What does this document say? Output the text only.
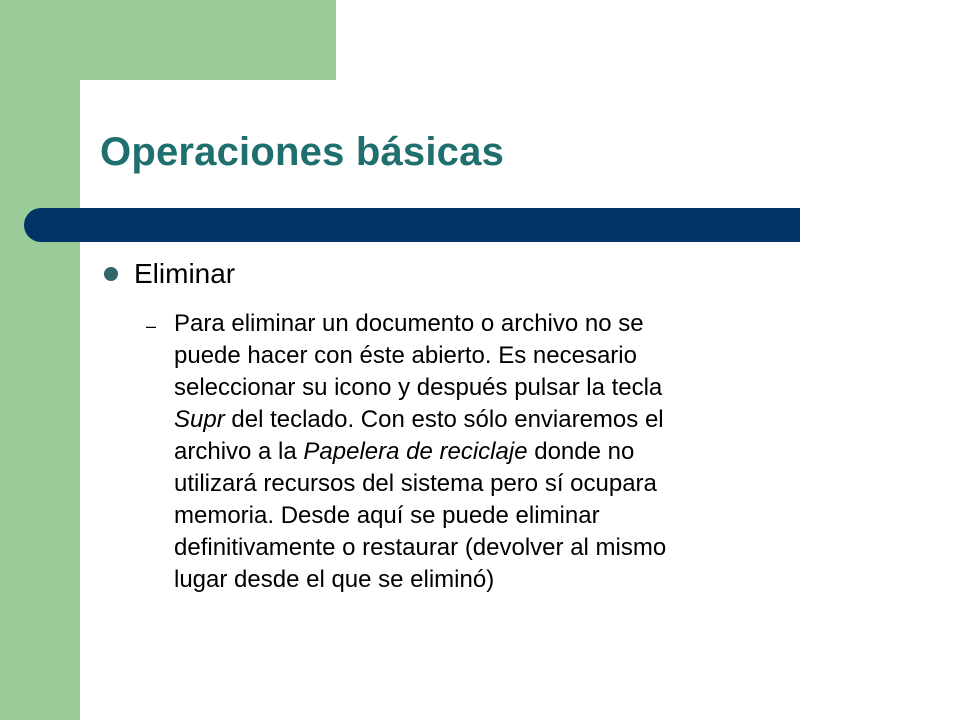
Operaciones básicas
Eliminar
– Para eliminar un documento o archivo no se
puede hacer con éste abierto. Es necesario
seleccionar su icono y después pulsar la tecla
Supr del teclado. Con esto sólo enviaremos el
archivo a la Papelera de reciclaje donde no
utilizará recursos del sistema pero sí ocupara
memoria. Desde aquí se puede eliminar
definitivamente o restaurar (devolver al mismo
lugar desde el que se eliminó)
